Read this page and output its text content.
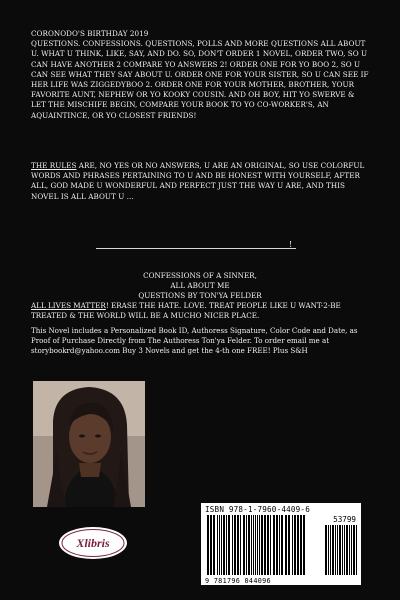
CORONODO'S BIRTHDAY 2019
QUESTIONS. CONFESSIONS. QUESTIONS, POLLS AND MORE QUESTIONS ALL ABOUT U. WHAT U THINK, LIKE, SAY, AND DO. SO, DON'T ORDER 1 NOVEL, ORDER TWO, SO U CAN HAVE ANOTHER 2 COMPARE YO ANSWERS 2! ORDER ONE FOR YO BOO 2, SO U CAN SEE WHAT THEY SAY ABOUT U. ORDER ONE FOR YOUR SISTER, SO U CAN SEE IF HER LIFE WAS ZIGGEDYBOO 2. ORDER ONE FOR YOUR MOTHER, BROTHER, YOUR FAVORITE AUNT, NEPHEW OR YO KOOKY COUSIN. AND OH BOY, HIT YO SWERVE & LET THE MISCHIFE BEGIN, COMPARE YOUR BOOK TO YO CO-WORKER'S, AN AQUAINTINCE, OR YO CLOSEST FRIENDS!
THE RULES ARE, NO YES OR NO ANSWERS, U ARE AN ORIGINAL, SO USE COLORFUL WORDS AND PHRASES PERTAINING TO U AND BE HONEST WITH YOURSELF, AFTER ALL, GOD MADE U WONDERFUL AND PERFECT JUST THE WAY U ARE, AND THIS NOVEL IS ALL ABOUT U …
!
CONFESSIONS OF A SINNER,
ALL ABOUT ME
QUESTIONS BY TON'YA FELDER
ALL LIVES MATTER! ERASE THE HATE. LOVE. TREAT PEOPLE LIKE U WANT-2-BE TREATED & THE WORLD WILL BE A MUCHO NICER PLACE.
This Novel includes a Personalized Book ID, Authoress Signature, Color Code and Date, as Proof of Purchase Directly from The Authoress Ton'ya Felder. To order email me at storybookrd@yahoo.com Buy 3 Novels and get the 4-th one FREE! Plus S&H
Xlibris
ISBN 978-1-7960-4409-6
53799
9 781796 044096
